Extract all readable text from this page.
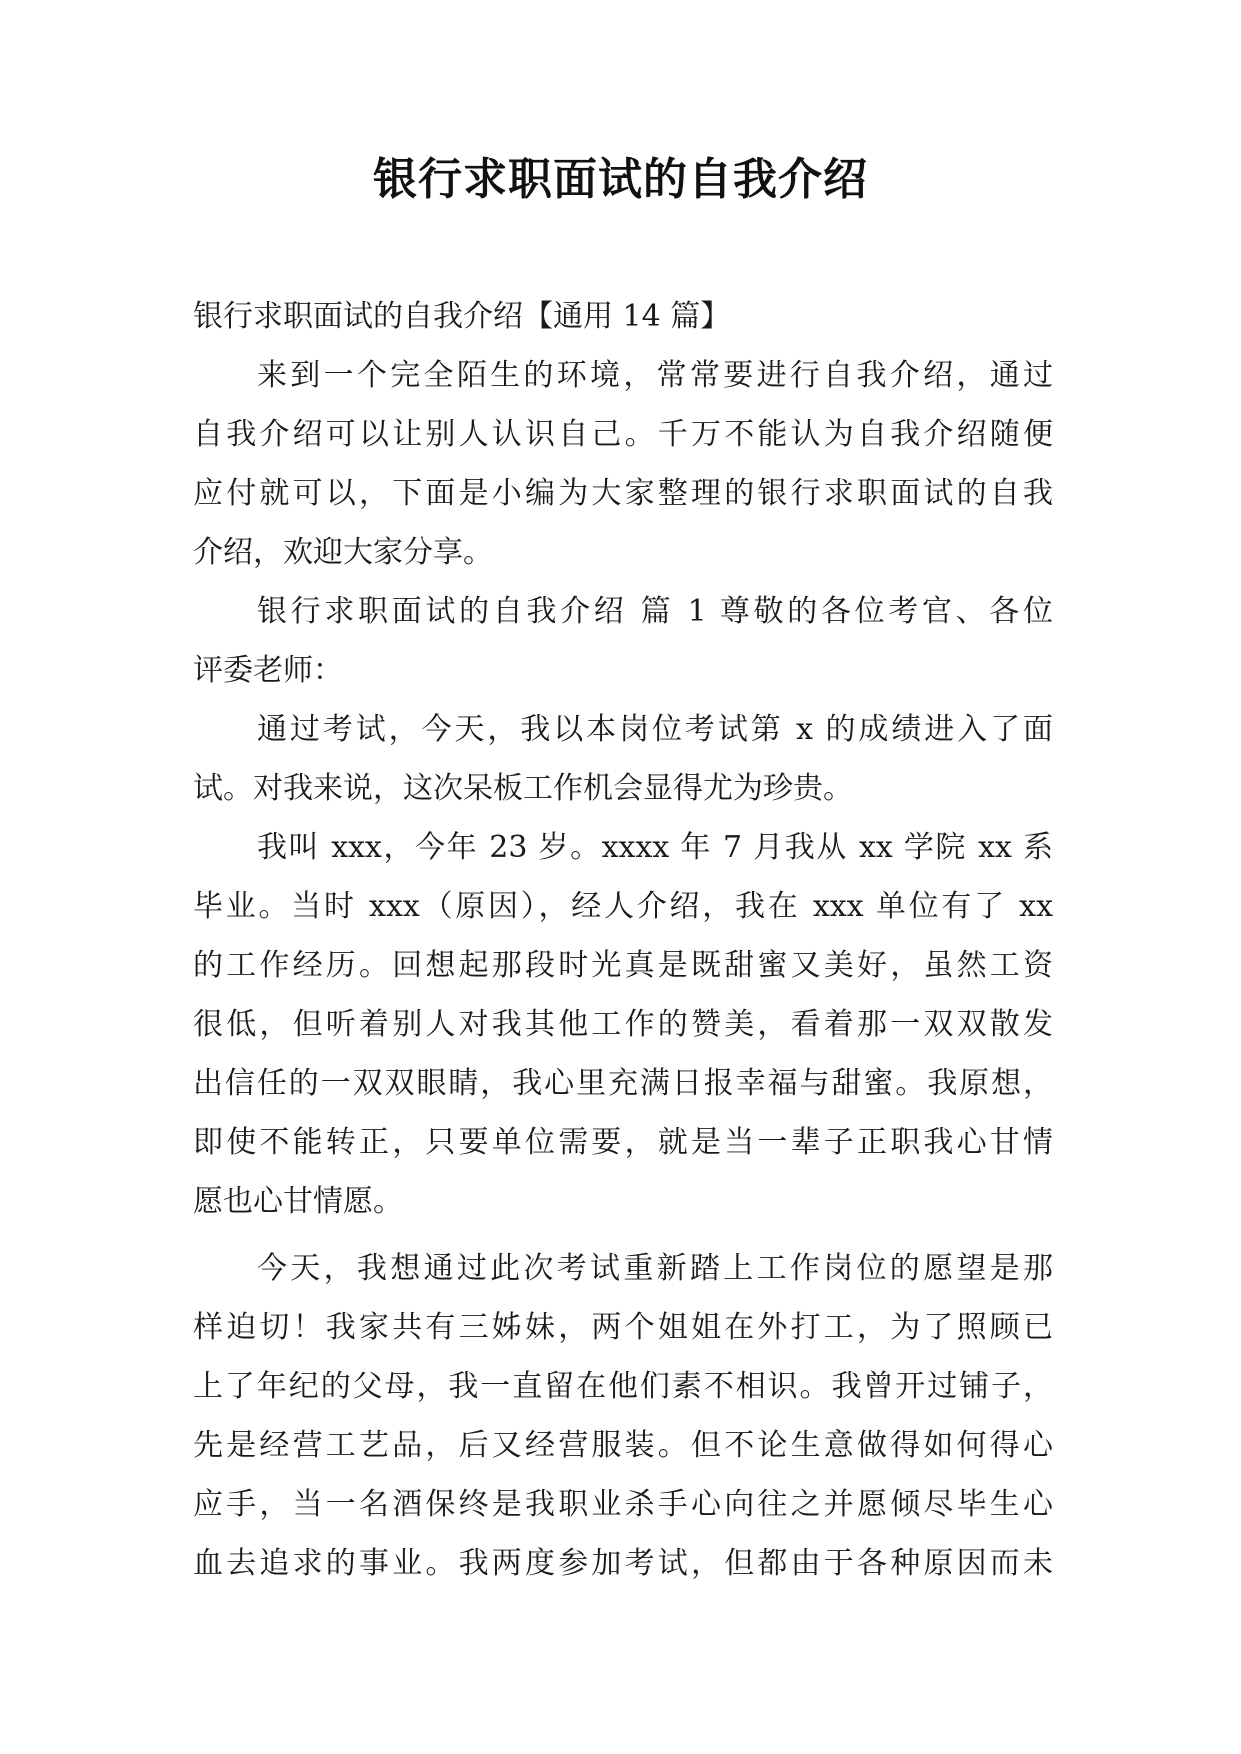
银行求职面试的自我介绍
银行求职面试的自我介绍【通用 14 篇】
来到一个完全陌生的环境，常常要进行自我介绍，通过
自我介绍可以让别人认识自己。千万不能认为自我介绍随便
应付就可以，下面是小编为大家整理的银行求职面试的自我
介绍，欢迎大家分享。
银行求职面试的自我介绍 篇 1 尊敬的各位考官、各位
评委老师：
通过考试，今天，我以本岗位考试第 x 的成绩进入了面
试。对我来说，这次呆板工作机会显得尤为珍贵。
我叫 xxx，今年 23 岁。xxxx 年 7 月我从 xx 学院 xx 系
毕业。当时 xxx（原因），经人介绍，我在 xxx 单位有了 xx
的工作经历。回想起那段时光真是既甜蜜又美好，虽然工资
很低，但听着别人对我其他工作的赞美，看着那一双双散发
出信任的一双双眼睛，我心里充满日报幸福与甜蜜。我原想，
即使不能转正，只要单位需要，就是当一辈子正职我心甘情
愿也心甘情愿。
今天，我想通过此次考试重新踏上工作岗位的愿望是那
样迫切！我家共有三姊妹，两个姐姐在外打工，为了照顾已
上了年纪的父母，我一直留在他们素不相识。我曾开过铺子，
先是经营工艺品，后又经营服装。但不论生意做得如何得心
应手，当一名酒保终是我职业杀手心向往之并愿倾尽毕生心
血去追求的事业。我两度参加考试，但都由于各种原因而未
